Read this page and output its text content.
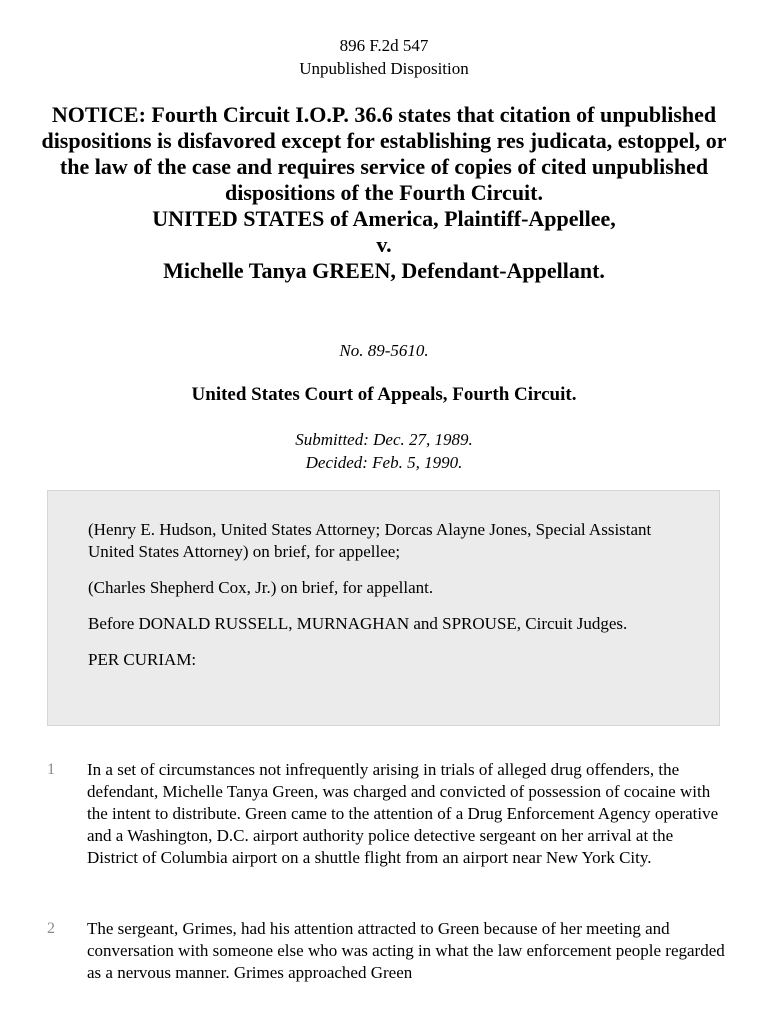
896 F.2d 547
Unpublished Disposition
NOTICE: Fourth Circuit I.O.P. 36.6 states that citation of unpublished dispositions is disfavored except for establishing res judicata, estoppel, or the law of the case and requires service of copies of cited unpublished dispositions of the Fourth Circuit.
UNITED STATES of America, Plaintiff-Appellee,
v.
Michelle Tanya GREEN, Defendant-Appellant.
No. 89-5610.
United States Court of Appeals, Fourth Circuit.
Submitted: Dec. 27, 1989.
Decided: Feb. 5, 1990.

(Henry E. Hudson, United States Attorney; Dorcas Alayne Jones, Special Assistant United States Attorney) on brief, for appellee;

(Charles Shepherd Cox, Jr.) on brief, for appellant.

Before DONALD RUSSELL, MURNAGHAN and SPROUSE, Circuit Judges.

PER CURIAM:

1 In a set of circumstances not infrequently arising in trials of alleged drug offenders, the defendant, Michelle Tanya Green, was charged and convicted of possession of cocaine with the intent to distribute. Green came to the attention of a Drug Enforcement Agency operative and a Washington, D.C. airport authority police detective sergeant on her arrival at the District of Columbia airport on a shuttle flight from an airport near New York City.
2 The sergeant, Grimes, had his attention attracted to Green because of her meeting and conversation with someone else who was acting in what the law enforcement people regarded as a nervous manner. Grimes approached Green
